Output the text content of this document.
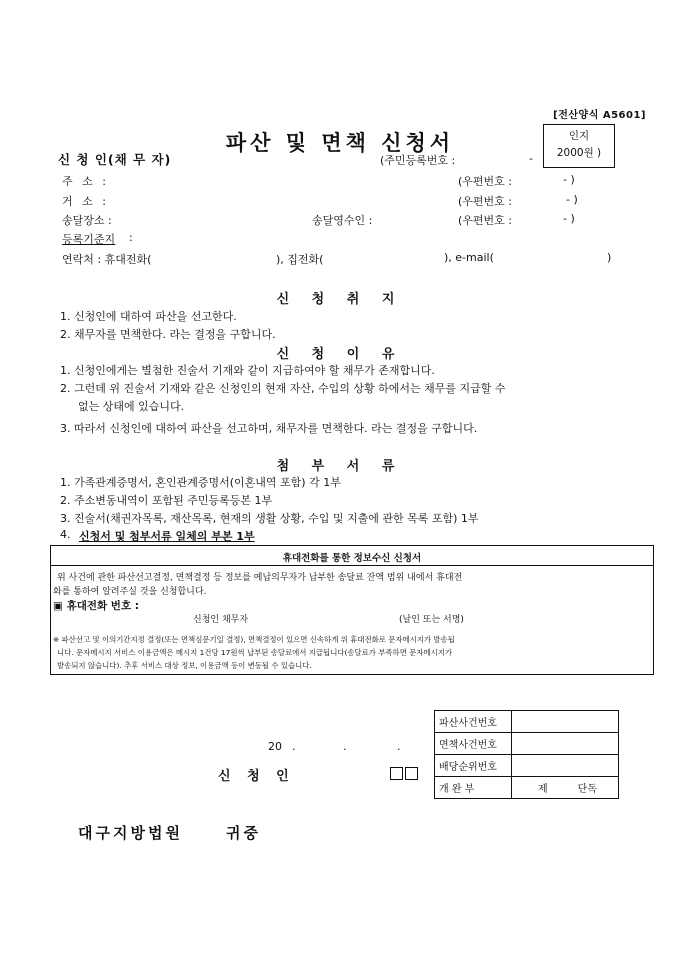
[전산양식 A5601]
파산 및 면책 신청서	인지
2000원 )
신 청 인(채 무 자)	(주민등록번호 :	-
주 소 :	(우편번호 :	- )
거 소 :	(우편번호 :	- )
송달장소 :	송달영수인 :	(우편번호 :	- )
등록기준지 :
연락처 : 휴대전화(	), 집전화(	), e-mail(	)
신 청 취 지
1. 신청인에 대하여 파산을 선고한다.
2. 채무자를 면책한다. 라는 결정을 구합니다.
신 청 이 유
1. 신청인에게는 별첨한 진술서 기재와 같이 지급하여야 할 채무가 존재합니다.
2. 그런데 위 진술서 기재와 같은 신청인의 현재 자산, 수입의 상황 하에서는 채무를 지급할 수
없는 상태에 있습니다.
3. 따라서 신청인에 대하여 파산을 선고하며, 채무자를 면책한다. 라는 결정을 구합니다.
첨 부 서 류
1. 가족관계증명서, 혼인관계증명서(이혼내역 포함) 각 1부
2. 주소변동내역이 포함된 주민등록등본 1부
3. 진술서(채권자목록, 재산목록, 현재의 생활 상황, 수입 및 지출에 관한 목록 포함) 1부
4. 신청서 및 첨부서류 일체의 부본 1부
휴대전화를 통한 정보수신 신청서
위 사건에 관한 파산선고결정, 면책결정 등 정보를 예납의무자가 납부한 송달료 잔액 범위 내에서 휴대전
화를 통하여 알려주실 것을 신청합니다.
▣ 휴대전화 번호 :
신청인 채무자	(날인 또는 서명)
※ 파산선고 및 이의기간지정 결정(또는 면책심문기일 결정), 면책결정이 있으면 신속하게 위 휴대전화로 문자메시지가 발송됩
니다. 문자메시지 서비스 이용금액은 메시지 1건당 17원씩 납부된 송달료에서 지급됩니다(송달료가 부족하면 문자메시지가
발송되지 않습니다). 추후 서비스 대상 정보, 이용금액 등이 변동될 수 있습니다.
파산사건번호	
면책사건번호	
배당순위번호	
개 완 부	제 단독
20 .	.	.
신 청 인
대구지방법원	귀중
